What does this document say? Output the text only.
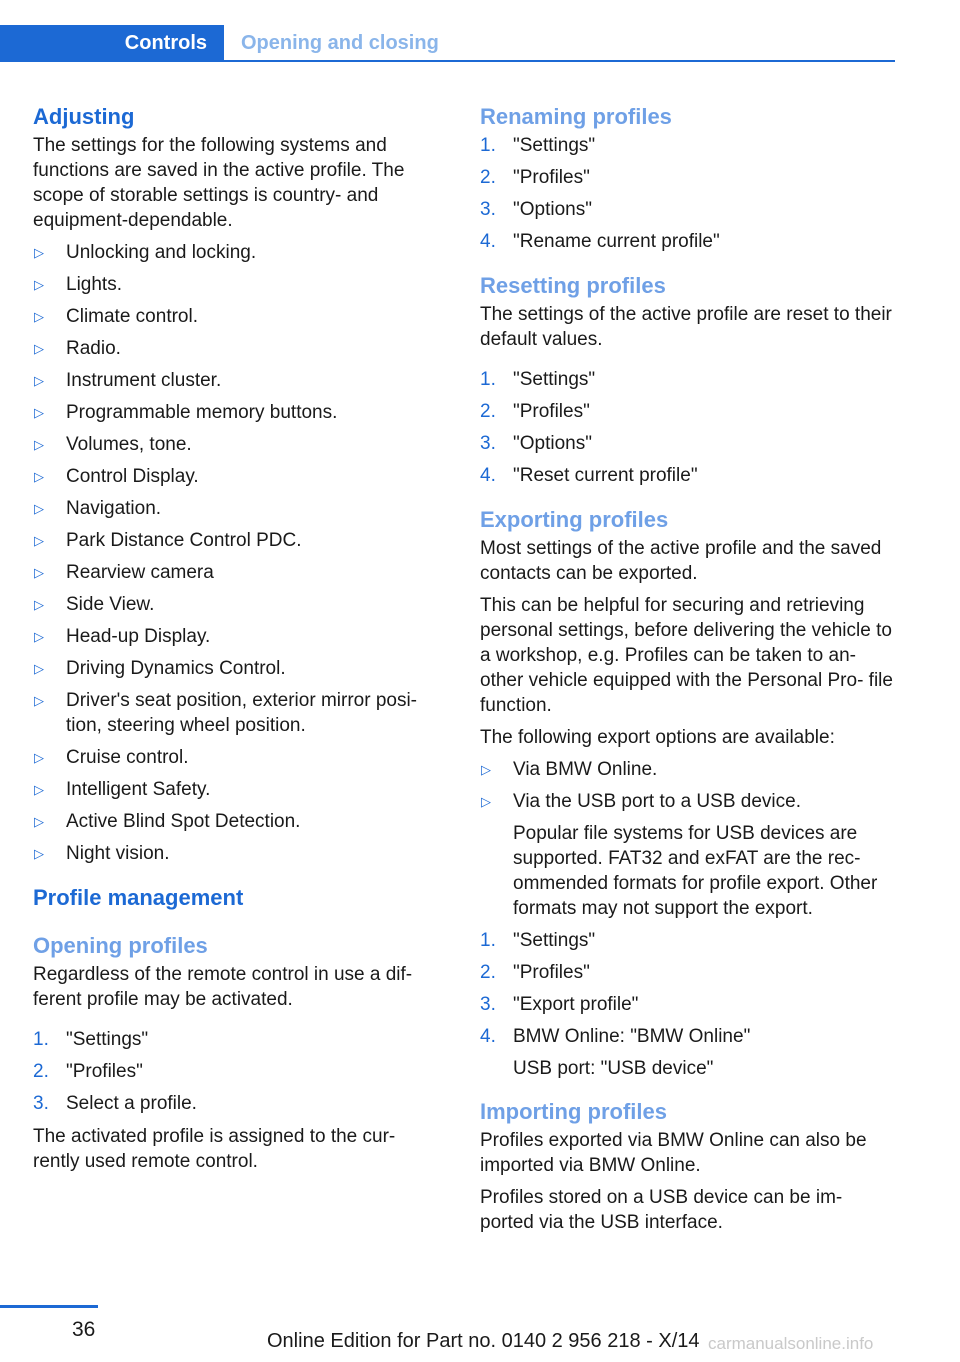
Controls	Opening and closing
Adjusting
The settings for the following systems and functions are saved in the active profile. The scope of storable settings is country- and equipment-dependable.
▷ Unlocking and locking.
▷ Lights.
▷ Climate control.
▷ Radio.
▷ Instrument cluster.
▷ Programmable memory buttons.
▷ Volumes, tone.
▷ Control Display.
▷ Navigation.
▷ Park Distance Control PDC.
▷ Rearview camera
▷ Side View.
▷ Head-up Display.
▷ Driving Dynamics Control.
▷ Driver's seat position, exterior mirror posi‐ tion, steering wheel position.
▷ Cruise control.
▷ Intelligent Safety.
▷ Active Blind Spot Detection.
▷ Night vision.
Profile management
Opening profiles
Regardless of the remote control in use a dif‐ ferent profile may be activated.
1. "Settings"
2. "Profiles"
3. Select a profile.
The activated profile is assigned to the cur‐ rently used remote control.
Renaming profiles
1. "Settings"
2. "Profiles"
3. "Options"
4. "Rename current profile"
Resetting profiles
The settings of the active profile are reset to their default values.
1. "Settings"
2. "Profiles"
3. "Options"
4. "Reset current profile"
Exporting profiles
Most settings of the active profile and the saved contacts can be exported.
This can be helpful for securing and retrieving personal settings, before delivering the vehicle to a workshop, e.g. Profiles can be taken to an‐ other vehicle equipped with the Personal Pro‐ file function.
The following export options are available:
▷ Via BMW Online.
▷ Via the USB port to a USB device.
Popular file systems for USB devices are supported. FAT32 and exFAT are the rec‐ ommended formats for profile export. Other formats may not support the export.
1. "Settings"
2. "Profiles"
3. "Export profile"
4. BMW Online: "BMW Online"
USB port: "USB device"
Importing profiles
Profiles exported via BMW Online can also be imported via BMW Online.
Profiles stored on a USB device can be im‐ ported via the USB interface.
36	Online Edition for Part no. 0140 2 956 218 - X/14 carmanualsonline.info
